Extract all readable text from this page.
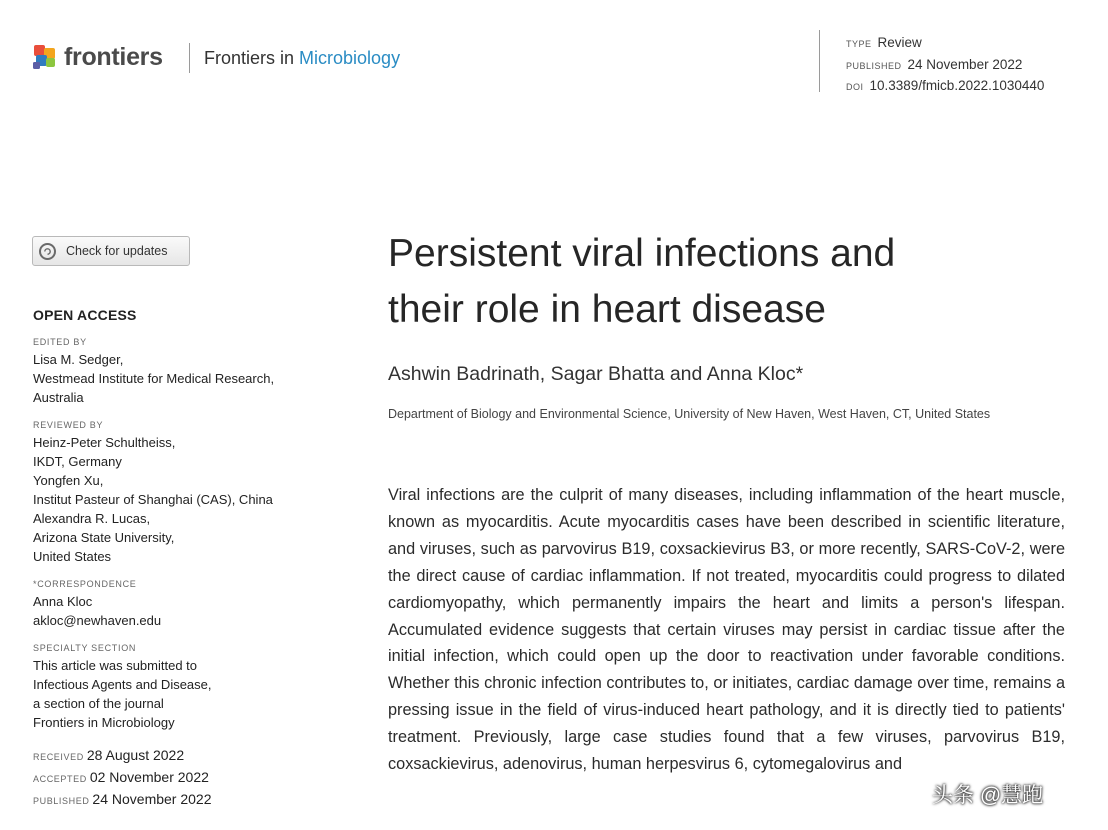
frontiers Frontiers in Microbiology
TYPE Review
PUBLISHED 24 November 2022
DOI 10.3389/fmicb.2022.1030440
Check for updates
OPEN ACCESS
EDITED BY
Lisa M. Sedger,
Westmead Institute for Medical Research,
Australia
REVIEWED BY
Heinz-Peter Schultheiss,
IKDT, Germany
Yongfen Xu,
Institut Pasteur of Shanghai (CAS), China
Alexandra R. Lucas,
Arizona State University,
United States
*CORRESPONDENCE
Anna Kloc
akloc@newhaven.edu
SPECIALTY SECTION
This article was submitted to
Infectious Agents and Disease,
a section of the journal
Frontiers in Microbiology
RECEIVED 28 August 2022
ACCEPTED 02 November 2022
PUBLISHED 24 November 2022
Persistent viral infections and
their role in heart disease
Ashwin Badrinath, Sagar Bhatta and Anna Kloc*
Department of Biology and Environmental Science, University of New Haven, West Haven, CT, United States

Viral infections are the culprit of many diseases, including inflammation of the heart muscle, known as myocarditis. Acute myocarditis cases have been described in scientific literature, and viruses, such as parvovirus B19, coxsackievirus B3, or more recently, SARS-CoV-2, were the direct cause of cardiac inflammation. If not treated, myocarditis could progress to dilated cardiomyopathy, which permanently impairs the heart and limits a person's lifespan. Accumulated evidence suggests that certain viruses may persist in cardiac tissue after the initial infection, which could open up the door to reactivation under favorable conditions. Whether this chronic infection contributes to, or initiates, cardiac damage over time, remains a pressing issue in the field of virus-induced heart pathology, and it is directly tied to patients' treatment. Previously, large case studies found that a few viruses, parvovirus B19, coxsackievirus, adenovirus, human herpesvirus 6, cytomegalovirus and

头条 @慧跑
